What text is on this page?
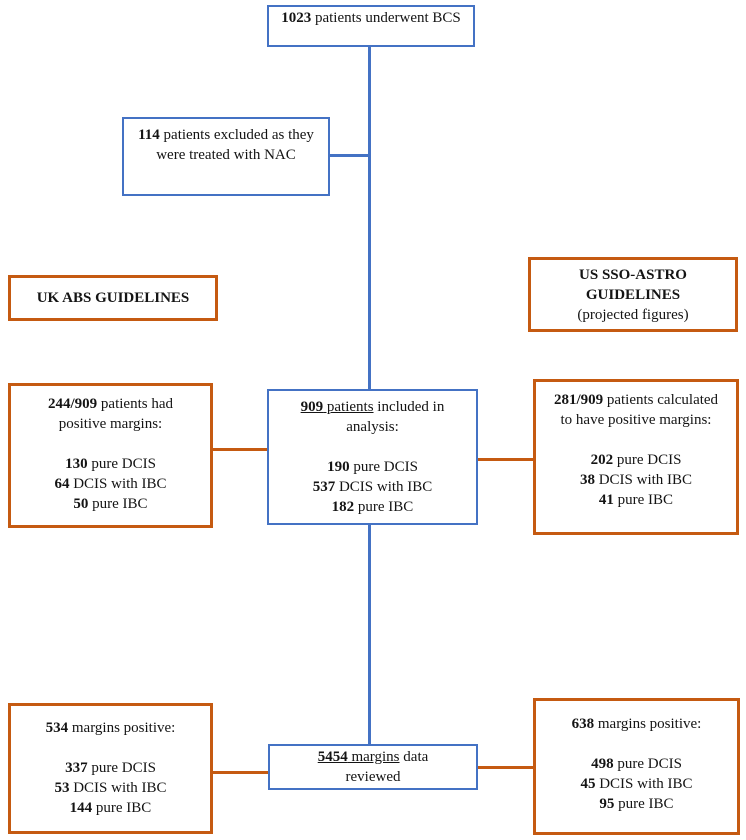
1023 patients underwent BCS
114 patients excluded as they were treated with NAC
UK ABS GUIDELINES
US SSO-ASTRO GUIDELINES
(projected figures)
244/909 patients had positive margins:
130 pure DCIS
64 DCIS with IBC
50 pure IBC
909 patients included in analysis:
190 pure DCIS
537 DCIS with IBC
182 pure IBC
281/909 patients calculated to have positive margins:
202 pure DCIS
38 DCIS with IBC
41 pure IBC
534 margins positive:
337 pure DCIS
53 DCIS with IBC
144 pure IBC
5454 margins data reviewed
638 margins positive:
498 pure DCIS
45 DCIS with IBC
95 pure IBC
